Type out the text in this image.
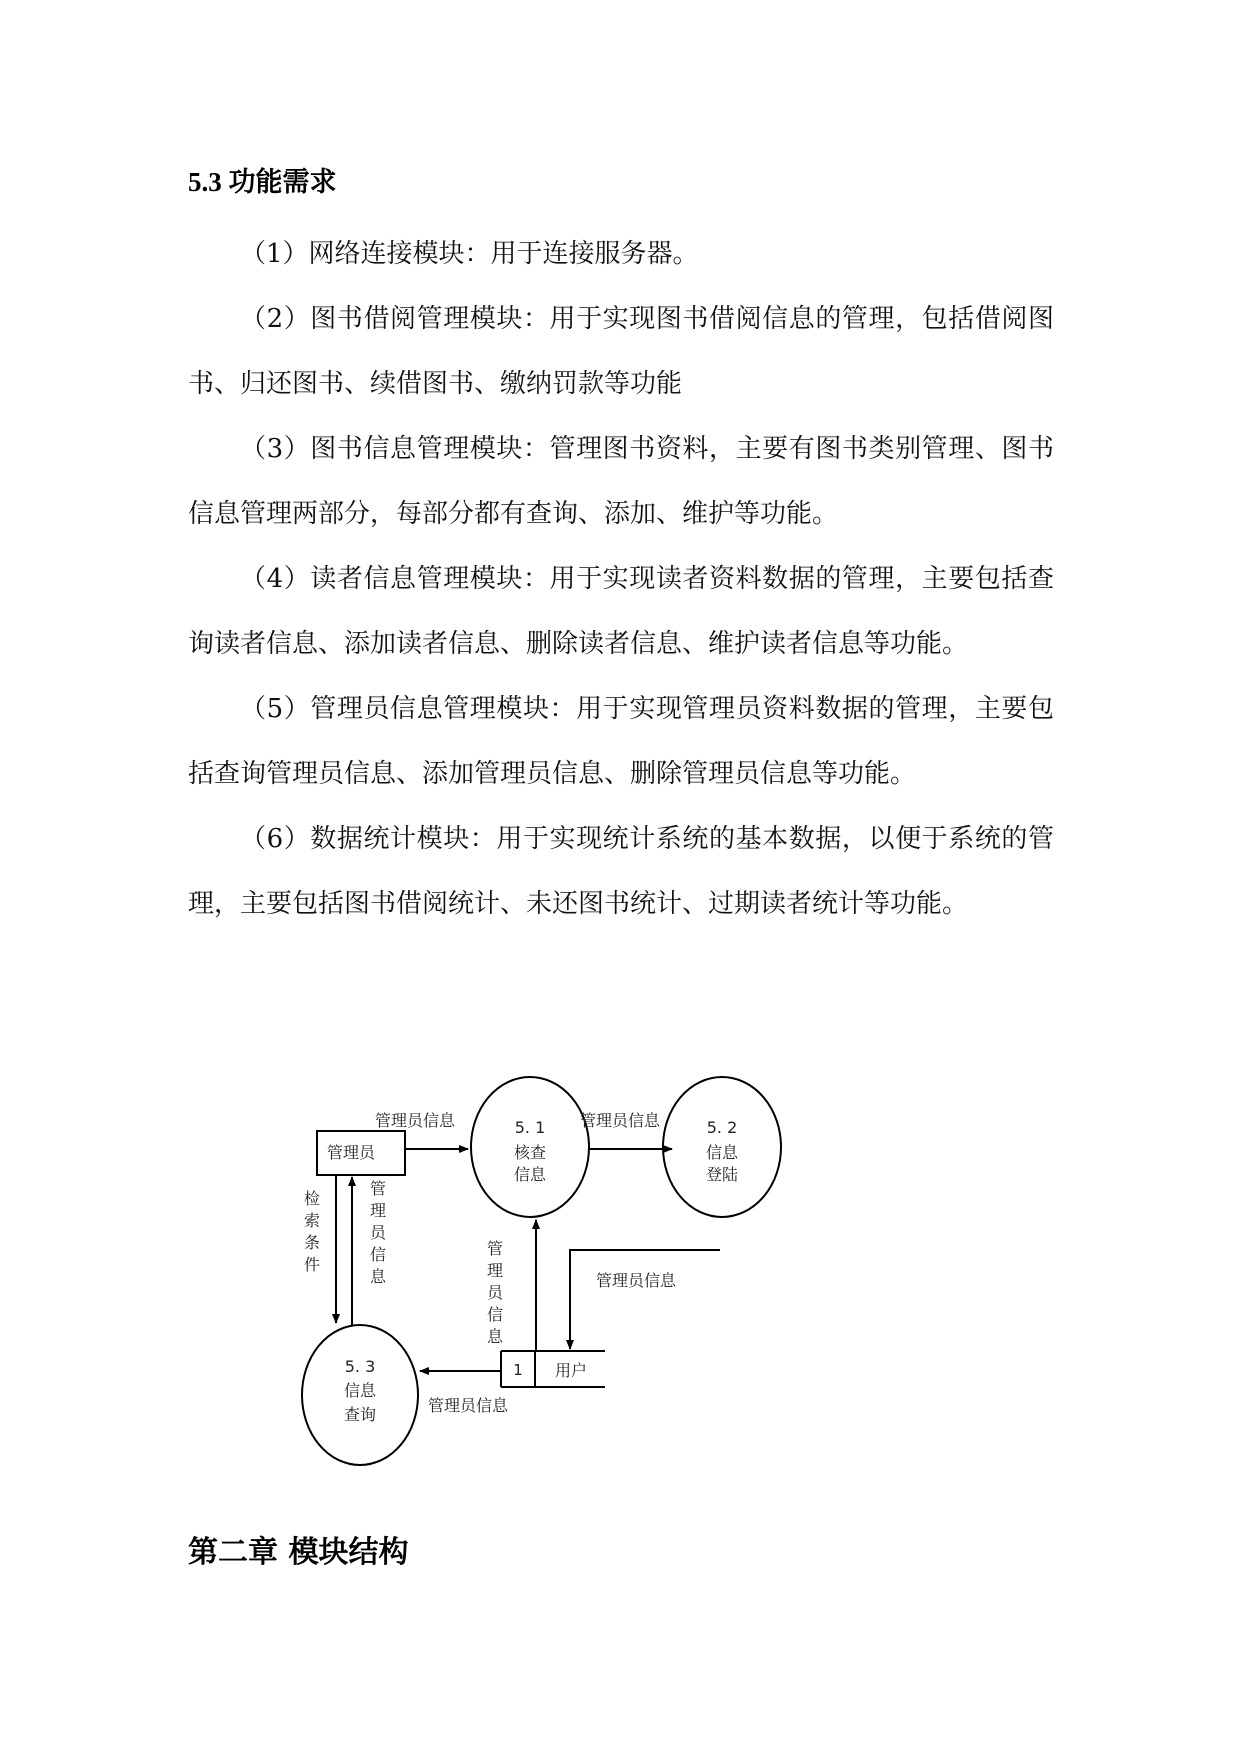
5.3 功能需求

（1）网络连接模块：用于连接服务器。

（2）图书借阅管理模块：用于实现图书借阅信息的管理，包括借阅图书、归还图书、续借图书、缴纳罚款等功能

（3）图书信息管理模块：管理图书资料，主要有图书类别管理、图书信息管理两部分，每部分都有查询、添加、维护等功能。

（4）读者信息管理模块：用于实现读者资料数据的管理，主要包括查询读者信息、添加读者信息、删除读者信息、维护读者信息等功能。

（5）管理员信息管理模块：用于实现管理员资料数据的管理，主要包括查询管理员信息、添加管理员信息、删除管理员信息等功能。

（6）数据统计模块：用于实现统计系统的基本数据，以便于系统的管理，主要包括图书借阅统计、未还图书统计、过期读者统计等功能。

管理员
5. 1
核查
信息
5. 2
信息
登陆
5. 3
信息
查询
1 用户
管理员信息	管理员信息
管理员信息
管
理
员
信
息
管理员信息
检
索
条
件
管
理
员
信
息
第二章 模块结构
